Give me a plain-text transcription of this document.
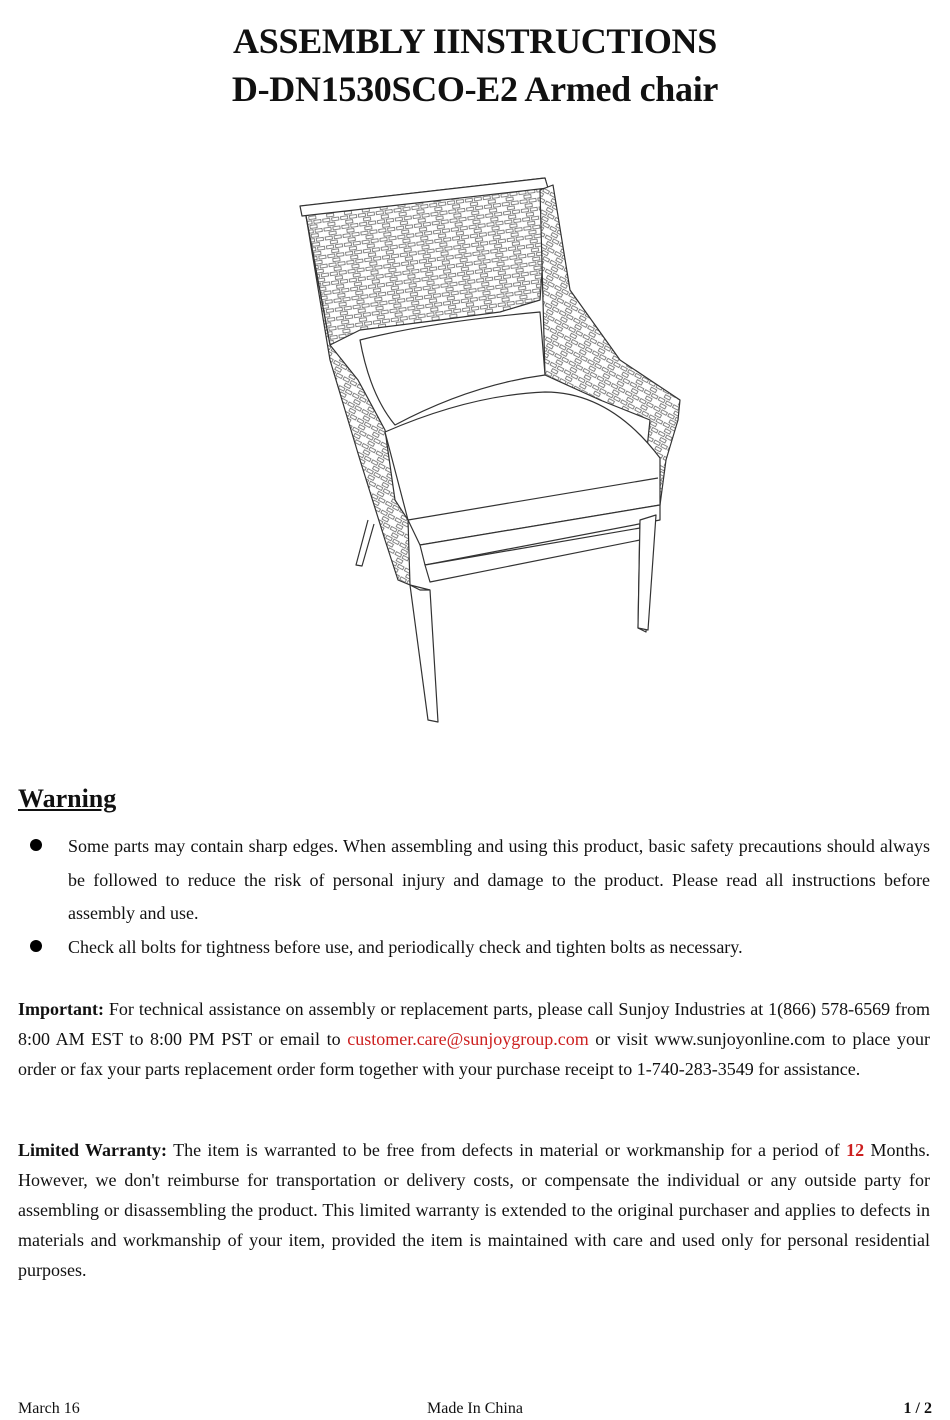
ASSEMBLY IINSTRUCTIONS
D-DN1530SCO-E2 Armed chair
Warning
Some parts may contain sharp edges. When assembling and using this product, basic safety precautions should always be followed to reduce the risk of personal injury and damage to the product. Please read all instructions before assembly and use.
Check all bolts for tightness before use, and periodically check and tighten bolts as necessary.

Important: For technical assistance on assembly or replacement parts, please call Sunjoy Industries at 1(866) 578-6569 from 8:00 AM EST to 8:00 PM PST or email to customer.care@sunjoygroup.com or visit www.sunjoyonline.com to place your order or fax your parts replacement order form together with your purchase receipt to 1-740-283-3549 for assistance.

Limited Warranty: The item is warranted to be free from defects in material or workmanship for a period of 12 Months. However, we don't reimburse for transportation or delivery costs, or compensate the individual or any outside party for assembling or disassembling the product. This limited warranty is extended to the original purchaser and applies to defects in materials and workmanship of your item, provided the item is maintained with care and used only for personal residential purposes.

March 16	Made In China	1 / 2
